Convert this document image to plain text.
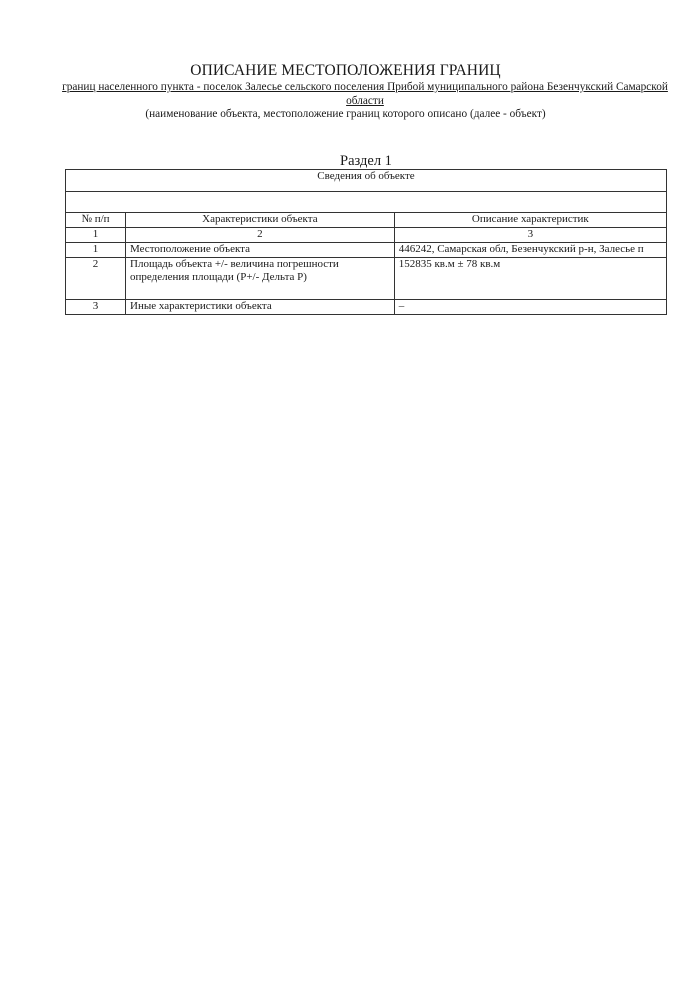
ОПИСАНИЕ МЕСТОПОЛОЖЕНИЯ ГРАНИЦ
границ населенного пункта - поселок Залесье сельского поселения Прибой муниципального района Безенчукский Самарской области
(наименование объекта, местоположение границ которого описано (далее - объект)
Раздел 1
Сведения об объекте		

№ п/п	Характеристики объекта	Описание характеристик
1	2	3
1	Местоположение объекта	446242, Самарская обл, Безенчукский р-н, Залесье п
2	Площадь объекта +/- величина погрешности определения площади (P+/- Дельта P)	152835 кв.м ± 78 кв.м
3	Иные характеристики объекта	–
